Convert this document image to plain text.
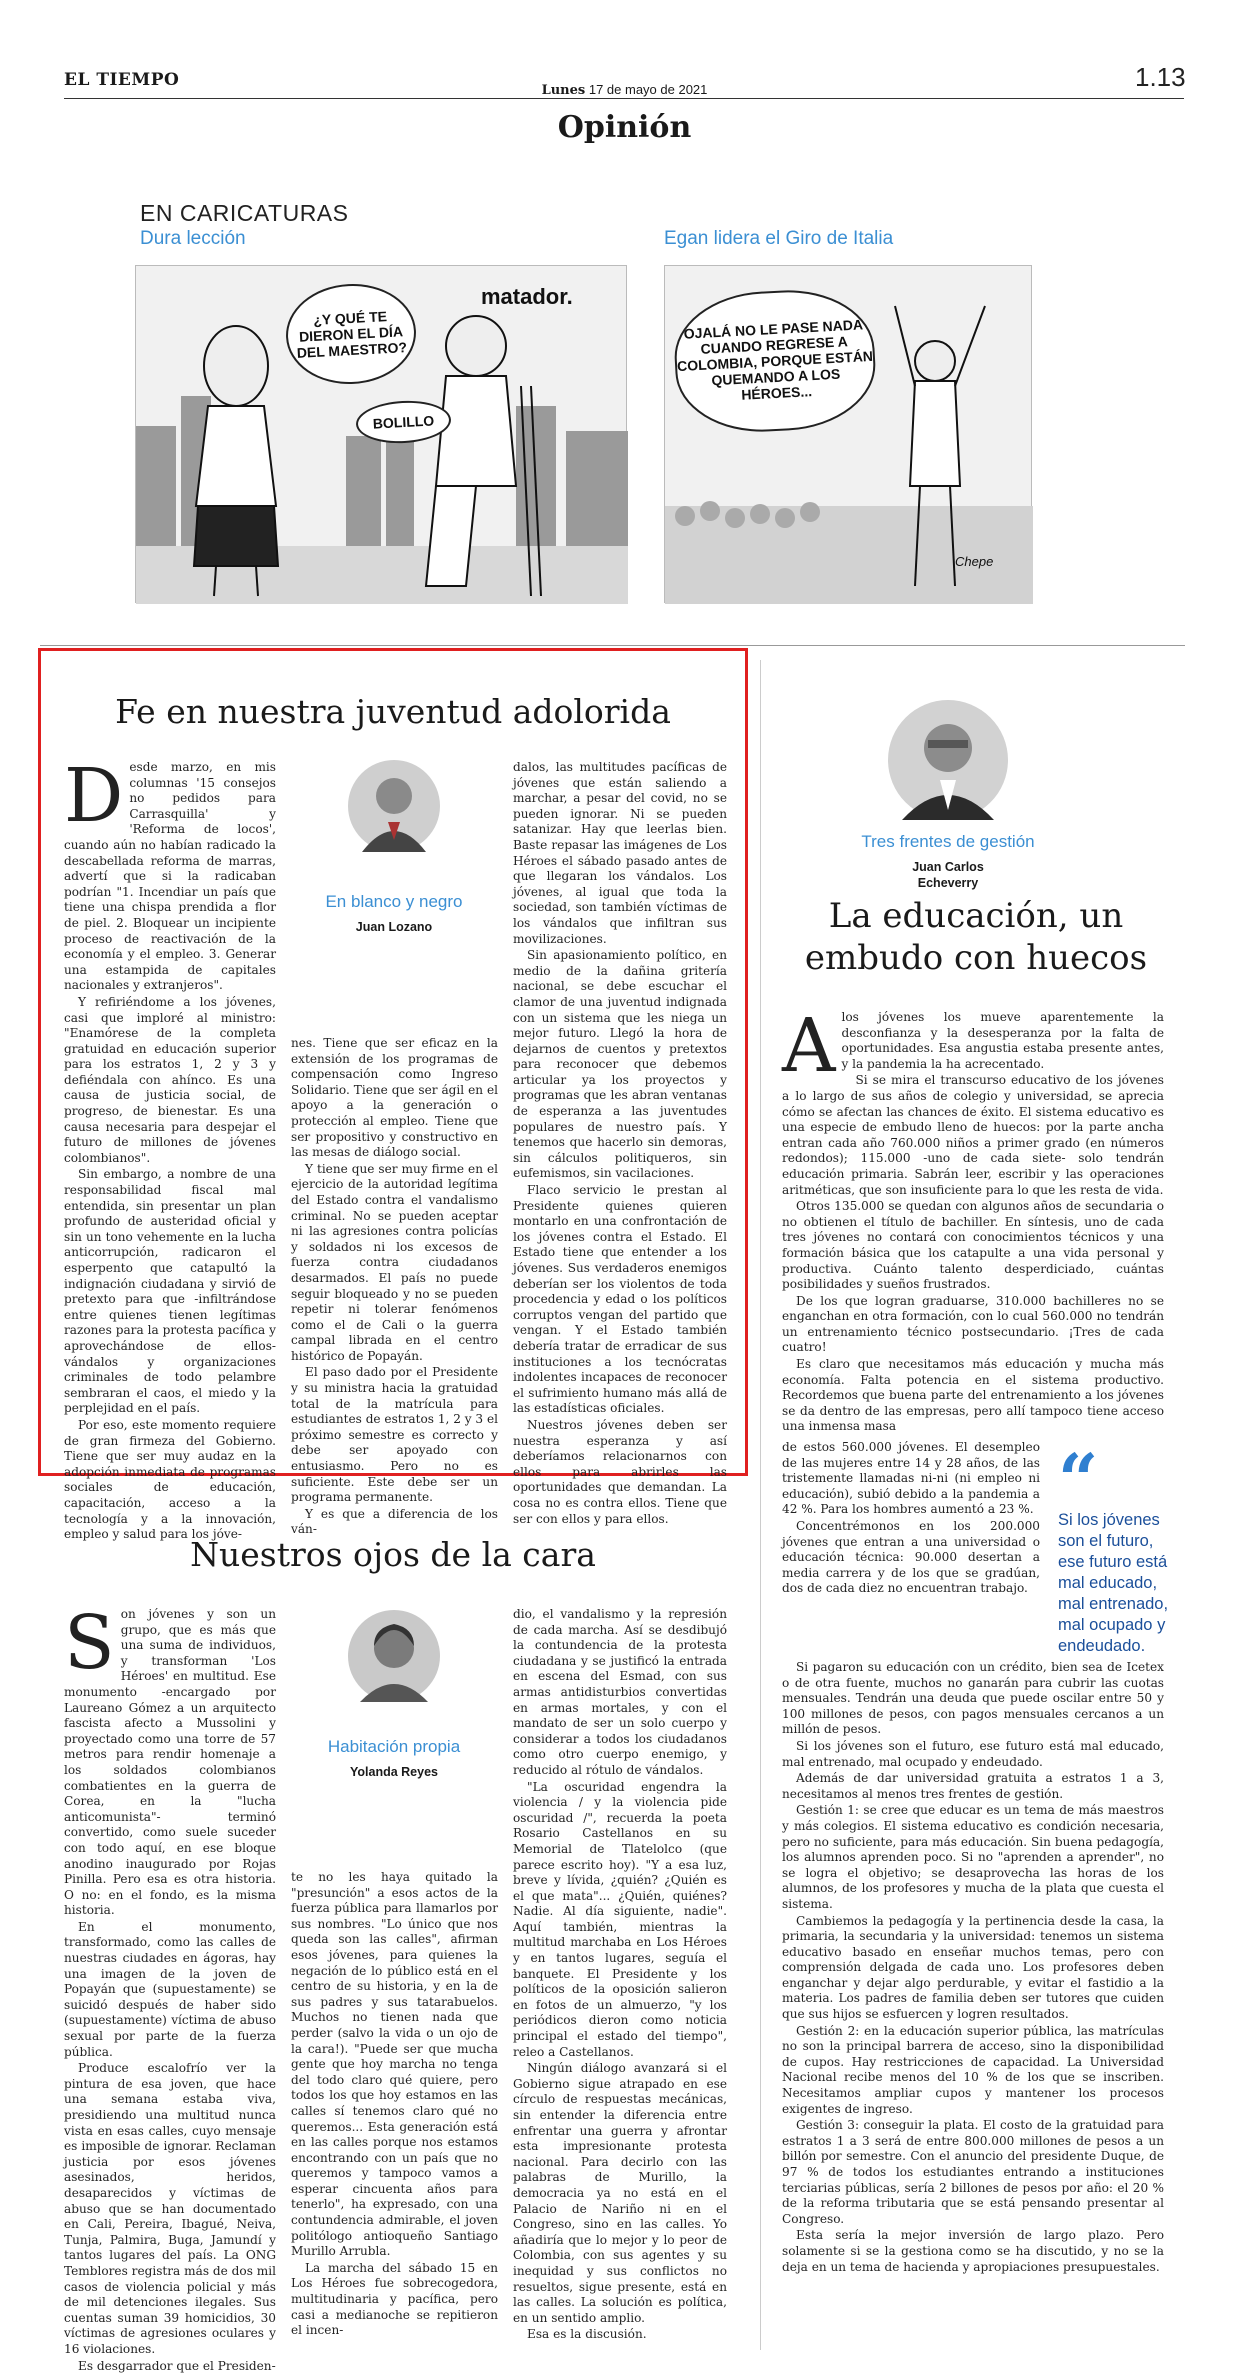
EL TIEMPO	1.13
Lunes 17 de mayo de 2021
Opinión
EN CARICATURAS
Dura lección	Egan lidera el Giro de Italia
matador.
¿Y QUÉ TE DIERON EL DÍA DEL MAESTRO?
BOLILLO
Chepe
OJALÁ NO LE PASE NADA CUANDO REGRESE A COLOMBIA, PORQUE ESTÁN QUEMANDO A LOS HÉROES...
Fe en nuestra juventud adolorida
D esde marzo, en mis columnas '15 consejos no pedidos para Carrasquilla' y 'Reforma de locos', cuando aún no habían radicado la descabellada reforma de marras, advertí que si la radicaban podrían "1. Incendiar un país que tiene una chispa prendida a flor de piel. 2. Bloquear un incipiente proceso de reactivación de la economía y el empleo. 3. Generar una estampida de capitales nacionales y extranjeros".

Y refiriéndome a los jóvenes, casi que imploré al ministro: "Enamórese de la completa gratuidad en educación superior para los estratos 1, 2 y 3 y defiéndala con ahínco. Es una causa de justicia social, de progreso, de bienestar. Es una causa necesaria para despejar el futuro de millones de jóvenes colombianos".

Sin embargo, a nombre de una responsabilidad fiscal mal entendida, sin presentar un plan profundo de austeridad oficial y sin un tono vehemente en la lucha anticorrupción, radicaron el esperpento que catapultó la indignación ciudadana y sirvió de pretexto para que -infiltrándose entre quienes tienen legítimas razones para la protesta pacífica y aprovechándose de ellos- vándalos y organizaciones criminales de todo pelambre sembraran el caos, el miedo y la perplejidad en el país.

Por eso, este momento requiere de gran firmeza del Gobierno. Tiene que ser muy audaz en la adopción inmediata de programas sociales de educación, capacitación, acceso a la tecnología y a la innovación, empleo y salud para los jóve-

En blanco y negro
Juan Lozano

nes. Tiene que ser eficaz en la extensión de los programas de compensación como Ingreso Solidario. Tiene que ser ágil en el apoyo a la generación o protección al empleo. Tiene que ser propositivo y constructivo en las mesas de diálogo social.

Y tiene que ser muy firme en el ejercicio de la autoridad legítima del Estado contra el vandalismo criminal. No se pueden aceptar ni las agresiones contra policías y soldados ni los excesos de fuerza contra ciudadanos desarmados. El país no puede seguir bloqueado y no se pueden repetir ni tolerar fenómenos como el de Cali o la guerra campal librada en el centro histórico de Popayán.

El paso dado por el Presidente y su ministra hacia la gratuidad total de la matrícula para estudiantes de estratos 1, 2 y 3 el próximo semestre es correcto y debe ser apoyado con entusiasmo. Pero no es suficiente. Este debe ser un programa permanente.

Y es que a diferencia de los ván-

dalos, las multitudes pacíficas de jóvenes que están saliendo a marchar, a pesar del covid, no se pueden ignorar. Ni se pueden satanizar. Hay que leerlas bien. Baste repasar las imágenes de Los Héroes el sábado pasado antes de que llegaran los vándalos. Los jóvenes, al igual que toda la sociedad, son también víctimas de los vándalos que infiltran sus movilizaciones.

Sin apasionamiento político, en medio de la dañina gritería nacional, se debe escuchar el clamor de una juventud indignada con un sistema que les niega un mejor futuro. Llegó la hora de dejarnos de cuentos y pretextos para reconocer que debemos articular ya los proyectos y programas que les abran ventanas de esperanza a las juventudes populares de nuestro país. Y tenemos que hacerlo sin demoras, sin cálculos politiqueros, sin eufemismos, sin vacilaciones.

Flaco servicio le prestan al Presidente quienes quieren montarlo en una confrontación de los jóvenes contra el Estado. El Estado tiene que entender a los jóvenes. Sus verdaderos enemigos deberían ser los violentos de toda procedencia y edad o los políticos corruptos vengan del partido que vengan. Y el Estado también debería tratar de erradicar de sus instituciones a los tecnócratas indolentes incapaces de reconocer el sufrimiento humano más allá de las estadísticas oficiales.

Nuestros jóvenes deben ser nuestra esperanza y así deberíamos relacionarnos con ellos para abrirles las oportunidades que demandan. La cosa no es contra ellos. Tiene que ser con ellos y para ellos.

Nuestros ojos de la cara
S on jóvenes y son un grupo, que es más que una suma de individuos, y transforman 'Los Héroes' en multitud. Ese monumento -encargado por Laureano Gómez a un arquitecto fascista afecto a Mussolini y proyectado como una torre de 57 metros para rendir homenaje a los soldados colombianos combatientes en la guerra de Corea, en la "lucha anticomunista"- terminó convertido, como suele suceder con todo aquí, en ese bloque anodino inaugurado por Rojas Pinilla. Pero esa es otra historia. O no: en el fondo, es la misma historia.

En el monumento, transformado, como las calles de nuestras ciudades en ágoras, hay una imagen de la joven de Popayán que (supuestamente) se suicidó después de haber sido (supuestamente) víctima de abuso sexual por parte de la fuerza pública.

Produce escalofrío ver la pintura de esa joven, que hace una semana estaba viva, presidiendo una multitud nunca vista en esas calles, cuyo mensaje es imposible de ignorar. Reclaman justicia por esos jóvenes asesinados, heridos, desaparecidos y víctimas de abuso que se han documentado en Cali, Pereira, Ibagué, Neiva, Tunja, Palmira, Buga, Jamundí y tantos lugares del país. La ONG Temblores registra más de dos mil casos de violencia policial y más de mil detenciones ilegales. Sus cuentas suman 39 homicidios, 30 víctimas de agresiones oculares y 16 violaciones.

Es desgarrador que el Presiden-

Habitación propia
Yolanda Reyes

te no les haya quitado la "presunción" a esos actos de la fuerza pública para llamarlos por sus nombres. "Lo único que nos queda son las calles", afirman esos jóvenes, para quienes la negación de lo público está en el centro de su historia, y en la de sus padres y sus tatarabuelos. Muchos no tienen nada que perder (salvo la vida o un ojo de la cara!). "Puede ser que mucha gente que hoy marcha no tenga del todo claro qué quiere, pero todos los que hoy estamos en las calles sí tenemos claro qué no queremos... Esta generación está en las calles porque nos estamos encontrando con un país que no queremos y tampoco vamos a esperar cincuenta años para tenerlo", ha expresado, con una contundencia admirable, el joven politólogo antioqueño Santiago Murillo Arrubla.

La marcha del sábado 15 en Los Héroes fue sobrecogedora, multitudinaria y pacífica, pero casi a medianoche se repitieron el incen-

dio, el vandalismo y la represión de cada marcha. Así se desdibujó la contundencia de la protesta ciudadana y se justificó la entrada en escena del Esmad, con sus armas antidisturbios convertidas en armas mortales, y con el mandato de ser un solo cuerpo y considerar a todos los ciudadanos como otro cuerpo enemigo, y reducido al rótulo de vándalos.

"La oscuridad engendra la violencia / y la violencia pide oscuridad /", recuerda la poeta Rosario Castellanos en su Memorial de Tlatelolco (que parece escrito hoy). "Y a esa luz, breve y lívida, ¿quién? ¿Quién es el que mata"... ¿Quién, quiénes? Nadie. Al día siguiente, nadie". Aquí también, mientras la multitud marchaba en Los Héroes y en tantos lugares, seguía el banquete. El Presidente y los políticos de la oposición salieron en fotos de un almuerzo, "y los periódicos dieron como noticia principal el estado del tiempo", releo a Castellanos.

Ningún diálogo avanzará si el Gobierno sigue atrapado en ese círculo de respuestas mecánicas, sin entender la diferencia entre enfrentar una guerra y afrontar esta impresionante protesta nacional. Para decirlo con las palabras de Murillo, la democracia ya no está en el Palacio de Nariño ni en el Congreso, sino en las calles. Yo añadiría que lo mejor y lo peor de Colombia, con sus agentes y su inequidad y sus conflictos no resueltos, sigue presente, está en las calles. La solución es política, en un sentido amplio.

Esa es la discusión.

Tres frentes de gestión
Juan Carlos
Echeverry
La educación, un
embudo con huecos
A los jóvenes los mueve aparentemente la desconfianza y la desesperanza por la falta de oportunidades. Esa angustia estaba presente antes, y la pandemia la ha acrecentado.

Si se mira el transcurso educativo de los jóvenes a lo largo de sus años de colegio y universidad, se aprecia cómo se afectan las chances de éxito. El sistema educativo es una especie de embudo lleno de huecos: por la parte ancha entran cada año 760.000 niños a primer grado (en números redondos); 115.000 -uno de cada siete- solo tendrán educación primaria. Sabrán leer, escribir y las operaciones aritméticas, que son insuficiente para lo que les resta de vida.

Otros 135.000 se quedan con algunos años de secundaria o no obtienen el título de bachiller. En síntesis, uno de cada tres jóvenes no contará con conocimientos técnicos y una formación básica que los catapulte a una vida personal y productiva. Cuánto talento desperdiciado, cuántas posibilidades y sueños frustrados.

De los que logran graduarse, 310.000 bachilleres no se enganchan en otra formación, con lo cual 560.000 no tendrán un entrenamiento técnico postsecundario. ¡Tres de cada cuatro!

Es claro que necesitamos más educación y mucha más economía. Falta potencia en el sistema productivo. Recordemos que buena parte del entrenamiento a los jóvenes se da dentro de las empresas, pero allí tampoco tiene acceso una inmensa masa

de estos 560.000 jóvenes. El desempleo de las mujeres entre 14 y 28 años, de las tristemente llamadas ni-ni (ni empleo ni educación), subió debido a la pandemia a 42 %. Para los hombres aumentó a 23 %.

Concentrémonos en los 200.000 jóvenes que entran a una universidad o educación técnica: 90.000 desertan a media carrera y de los que se gradúan, dos de cada diez no encuentran trabajo.

“
Si los jóvenes son el futuro, ese futuro está mal educado, mal entrenado, mal ocupado y endeudado.

Si pagaron su educación con un crédito, bien sea de Icetex o de otra fuente, muchos no ganarán para cubrir las cuotas mensuales. Tendrán una deuda que puede oscilar entre 50 y 100 millones de pesos, con pagos mensuales cercanos a un millón de pesos.

Si los jóvenes son el futuro, ese futuro está mal educado, mal entrenado, mal ocupado y endeudado.

Además de dar universidad gratuita a estratos 1 a 3, necesitamos al menos tres frentes de gestión.

Gestión 1: se cree que educar es un tema de más maestros y más colegios. El sistema educativo es condición necesaria, pero no suficiente, para más educación. Sin buena pedagogía, los alumnos aprenden poco. Si no "aprenden a aprender", no se logra el objetivo; se desaprovecha las horas de los alumnos, de los profesores y mucha de la plata que cuesta el sistema.

Cambiemos la pedagogía y la pertinencia desde la casa, la primaria, la secundaria y la universidad: tenemos un sistema educativo basado en enseñar muchos temas, pero con comprensión delgada de cada uno. Los profesores deben enganchar y dejar algo perdurable, y evitar el fastidio a la materia. Los padres de familia deben ser tutores que cuiden que sus hijos se esfuercen y logren resultados.

Gestión 2: en la educación superior pública, las matrículas no son la principal barrera de acceso, sino la disponibilidad de cupos. Hay restricciones de capacidad. La Universidad Nacional recibe menos del 10 % de los que se inscriben. Necesitamos ampliar cupos y mantener los procesos exigentes de ingreso.

Gestión 3: conseguir la plata. El costo de la gratuidad para estratos 1 a 3 será de entre 800.000 millones de pesos a un billón por semestre. Con el anuncio del presidente Duque, de 97 % de todos los estudiantes entrando a instituciones terciarias públicas, sería 2 billones de pesos por año: el 20 % de la reforma tributaria que se está pensando presentar al Congreso.

Esta sería la mejor inversión de largo plazo. Pero solamente si se la gestiona como se ha discutido, y no se la deja en un tema de hacienda y apropiaciones presupuestales.
